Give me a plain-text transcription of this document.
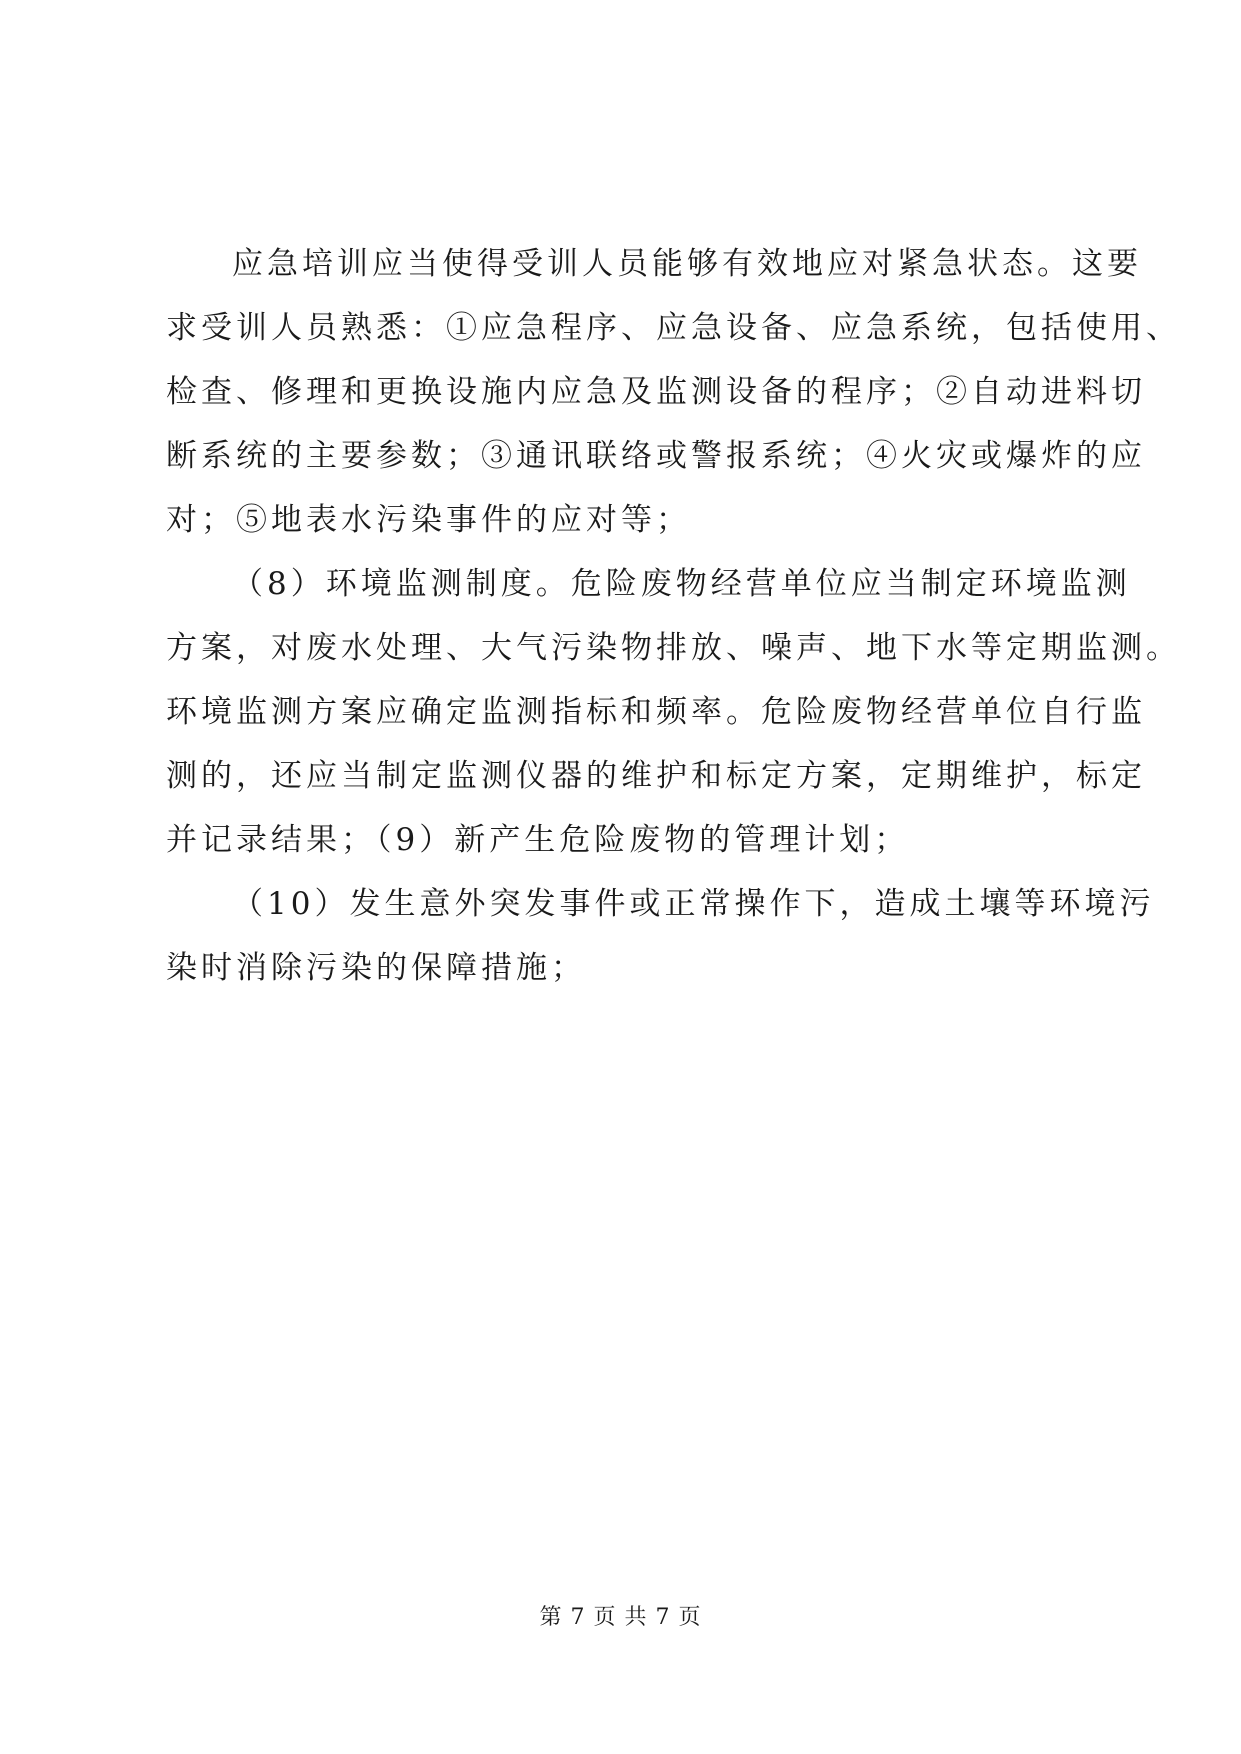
应急培训应当使得受训人员能够有效地应对紧急状态。这要
求受训人员熟悉：①应急程序、应急设备、应急系统，包括使用、
检查、修理和更换设施内应急及监测设备的程序；②自动进料切
断系统的主要参数；③通讯联络或警报系统；④火灾或爆炸的应
对；⑤地表水污染事件的应对等；
（8）环境监测制度。危险废物经营单位应当制定环境监测
方案，对废水处理、大气污染物排放、噪声、地下水等定期监测。
环境监测方案应确定监测指标和频率。危险废物经营单位自行监
测的，还应当制定监测仪器的维护和标定方案，定期维护，标定
并记录结果；（9）新产生危险废物的管理计划；
（10）发生意外突发事件或正常操作下，造成土壤等环境污
染时消除污染的保障措施；
第 7 页 共 7 页
